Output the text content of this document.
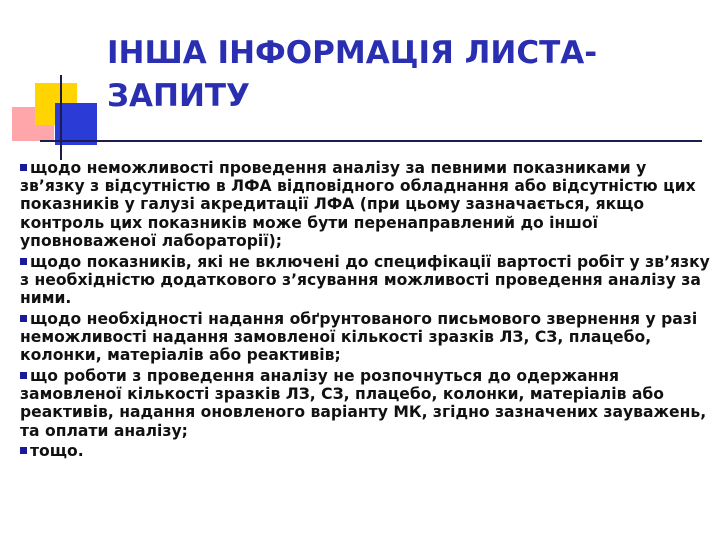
ІНША ІНФОРМАЦІЯ ЛИСТА-ЗАПИТУ
щодо неможливості проведення аналізу за певними показниками у зв’язку з відсутністю в ЛФА відповідного обладнання або відсутністю цих показників у галузі акредитації ЛФА (при цьому зазначається, якщо контроль цих показників може бути перенаправлений до іншої уповноваженої лабораторії);
щодо показників, які не включені до специфікації вартості робіт у зв’язку з необхідністю додаткового з’ясування можливості проведення аналізу за ними.
щодо необхідності надання обґрунтованого письмового звернення у разі неможливості надання замовленої кількості зразків ЛЗ, СЗ, плацебо, колонки, матеріалів або реактивів;
що роботи з проведення аналізу не розпочнуться до одержання замовленої кількості зразків ЛЗ, СЗ, плацебо, колонки, матеріалів або реактивів, надання оновленого варіанту МК, згідно зазначених зауважень, та оплати аналізу;
тощо.
